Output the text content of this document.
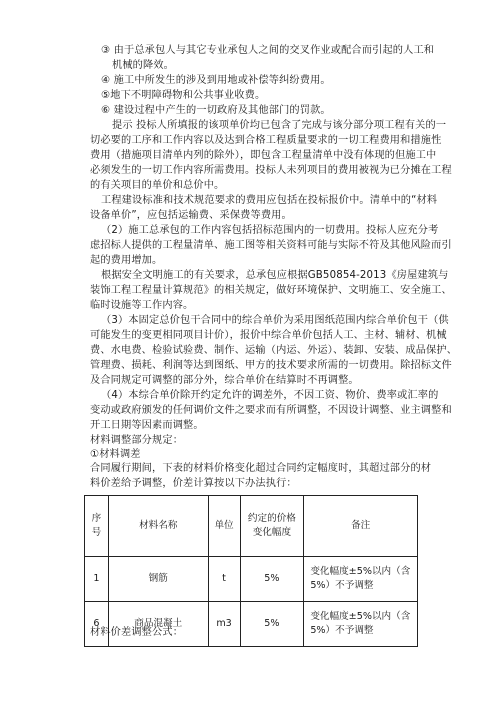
③ 由于总承包人与其它专业承包人之间的交叉作业或配合而引起的人工和
机械的降效。
④ 施工中所发生的涉及到用地或补偿等纠纷费用。
⑤地下不明障碍物和公共事业收费。
⑥ 建设过程中产生的一切政府及其他部门的罚款。
提示 投标人所填报的该项单价均已包含了完成与该分部分项工程有关的一
切必要的工序和工作内容以及达到合格工程质量要求的一切工程费用和措施性
费用（措施项目清单内列的除外），即包含工程量清单中没有体现的但施工中
必须发生的一切工作内容所需费用。投标人未列项目的费用被视为已分摊在工程
的有关项目的单价和总价中。
工程建设标准和技术规范要求的费用应包括在投标报价中。清单中的“材料
设备单价”，应包括运输费、采保费等费用。
（2）施工总承包的工作内容包括招标范围内的一切费用。投标人应充分考
虑招标人提供的工程量清单、施工图等相关资料可能与实际不符及其他风险而引
起的费用增加。
根据安全文明施工的有关要求，总承包应根据GB50854-2013《房屋建筑与
装饰工程工程量计算规范》的相关规定，做好环境保护、文明施工、安全施工、
临时设施等工作内容。
（3）本固定总价包干合同中的综合单价为采用图纸范围内综合单价包干（供
可能发生的变更相同项目计价），报价中综合单价包括人工、主材、辅材、机械
费、水电费、检验试验费、制作、运输（内运、外运）、装卸、安装、成品保护、
管理费、损耗、利润等达到图纸、甲方的技术要求所需的一切费用。除招标文件
及合同规定可调整的部分外，综合单价在结算时不再调整。
（4）本综合单价除开约定允许的调差外，不因工资、物价、费率或汇率的
变动或政府颁发的任何调价文件之要求而有所调整，不因设计调整、业主调整和
开工日期等因素而调整。
材料调整部分规定：
①材料调差
合同履行期间，下表的材料价格变化超过合同约定幅度时，其超过部分的材
料价差给予调整，价差计算按以下办法执行：
序号	材料名称	单位	约定的价格变化幅度	备注
1	钢筋	t	5%	变化幅度±5%以内（含5%）不予调整
6	商品混凝土	m3	5%	变化幅度±5%以内（含5%）不予调整
材料价差调整公式：
